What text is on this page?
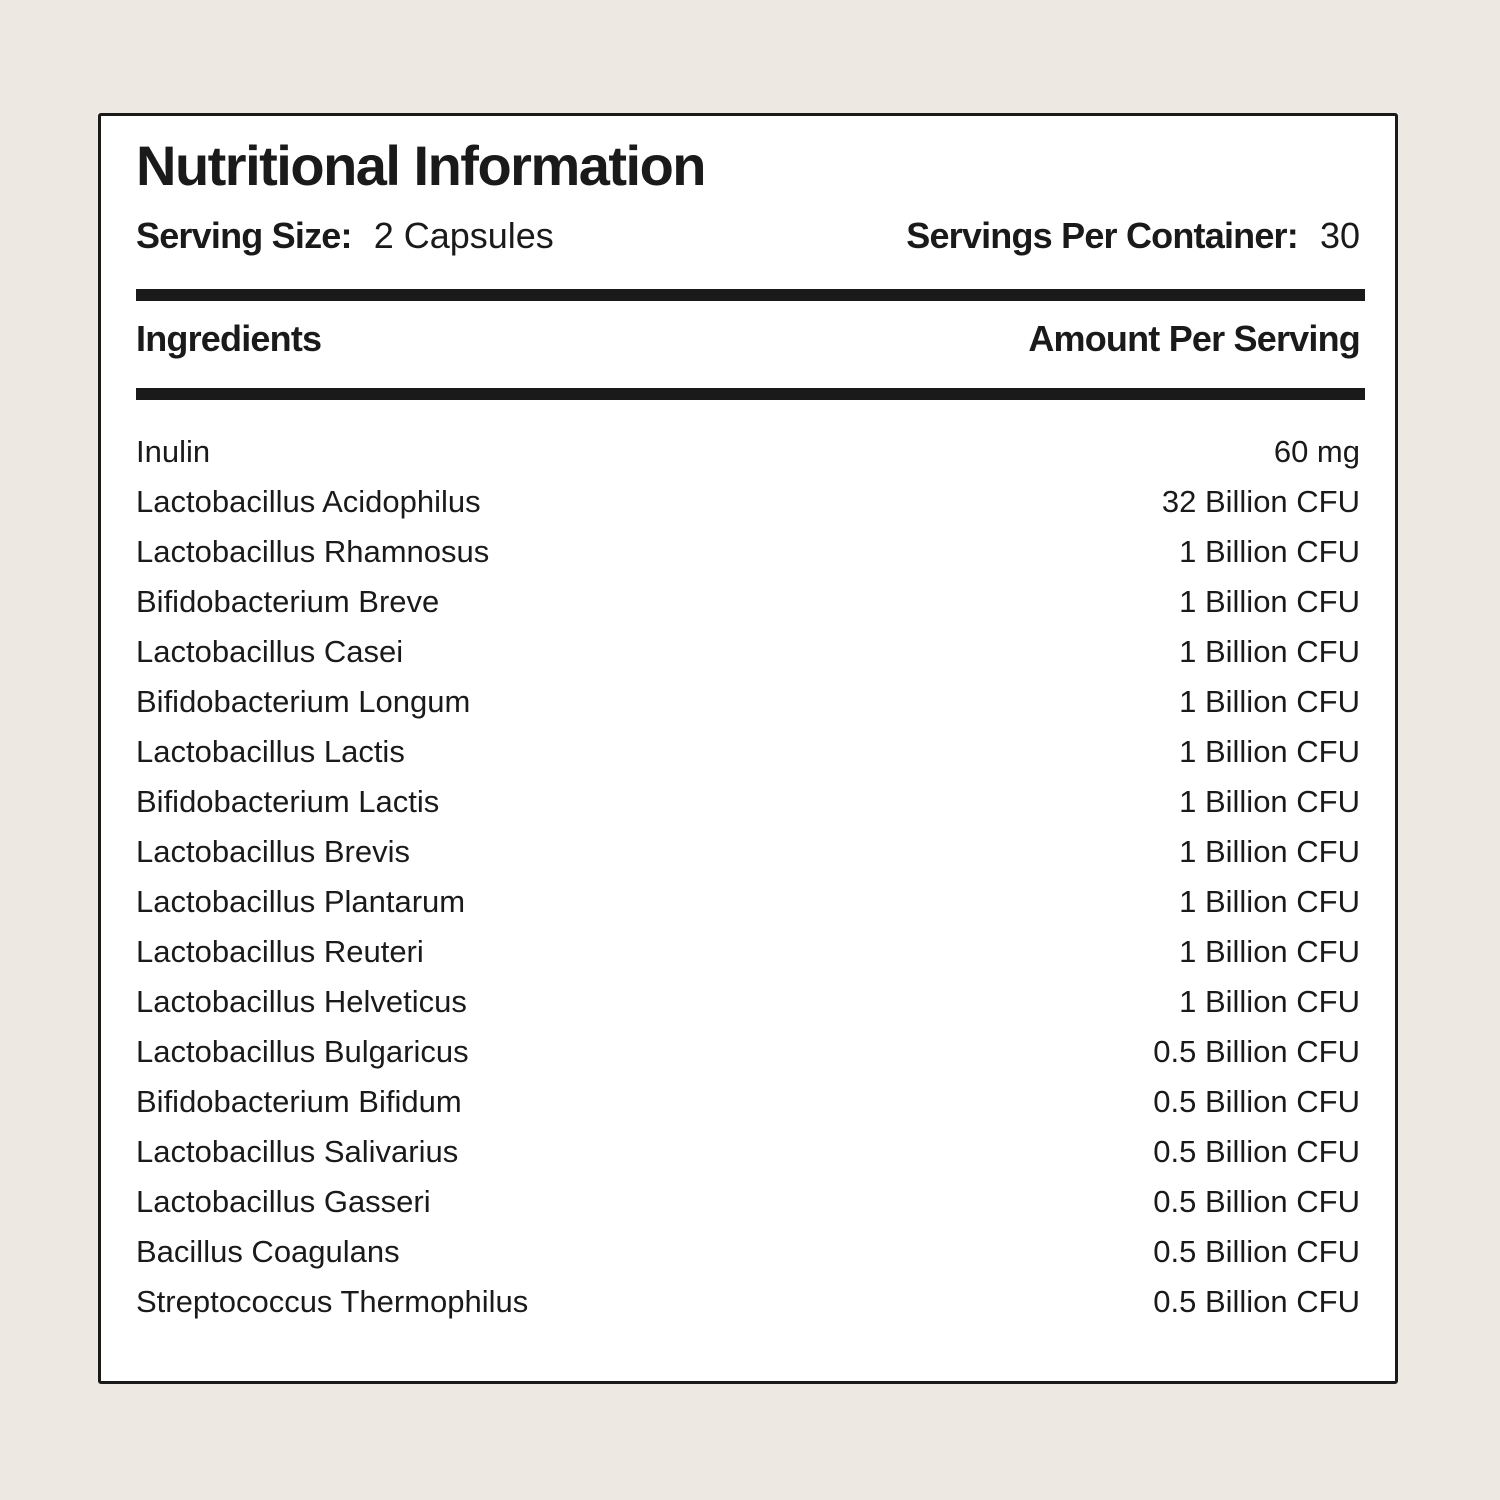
Nutritional Information
Serving Size: 2 Capsules	Servings Per Container: 30
Ingredients	Amount Per Serving
Inulin	60 mg
Lactobacillus Acidophilus	32 Billion CFU
Lactobacillus Rhamnosus	1 Billion CFU
Bifidobacterium Breve	1 Billion CFU
Lactobacillus Casei	1 Billion CFU
Bifidobacterium Longum	1 Billion CFU
Lactobacillus Lactis	1 Billion CFU
Bifidobacterium Lactis	1 Billion CFU
Lactobacillus Brevis	1 Billion CFU
Lactobacillus Plantarum	1 Billion CFU
Lactobacillus Reuteri	1 Billion CFU
Lactobacillus Helveticus	1 Billion CFU
Lactobacillus Bulgaricus	0.5 Billion CFU
Bifidobacterium Bifidum	0.5 Billion CFU
Lactobacillus Salivarius	0.5 Billion CFU
Lactobacillus Gasseri	0.5 Billion CFU
Bacillus Coagulans	0.5 Billion CFU
Streptococcus Thermophilus	0.5 Billion CFU
